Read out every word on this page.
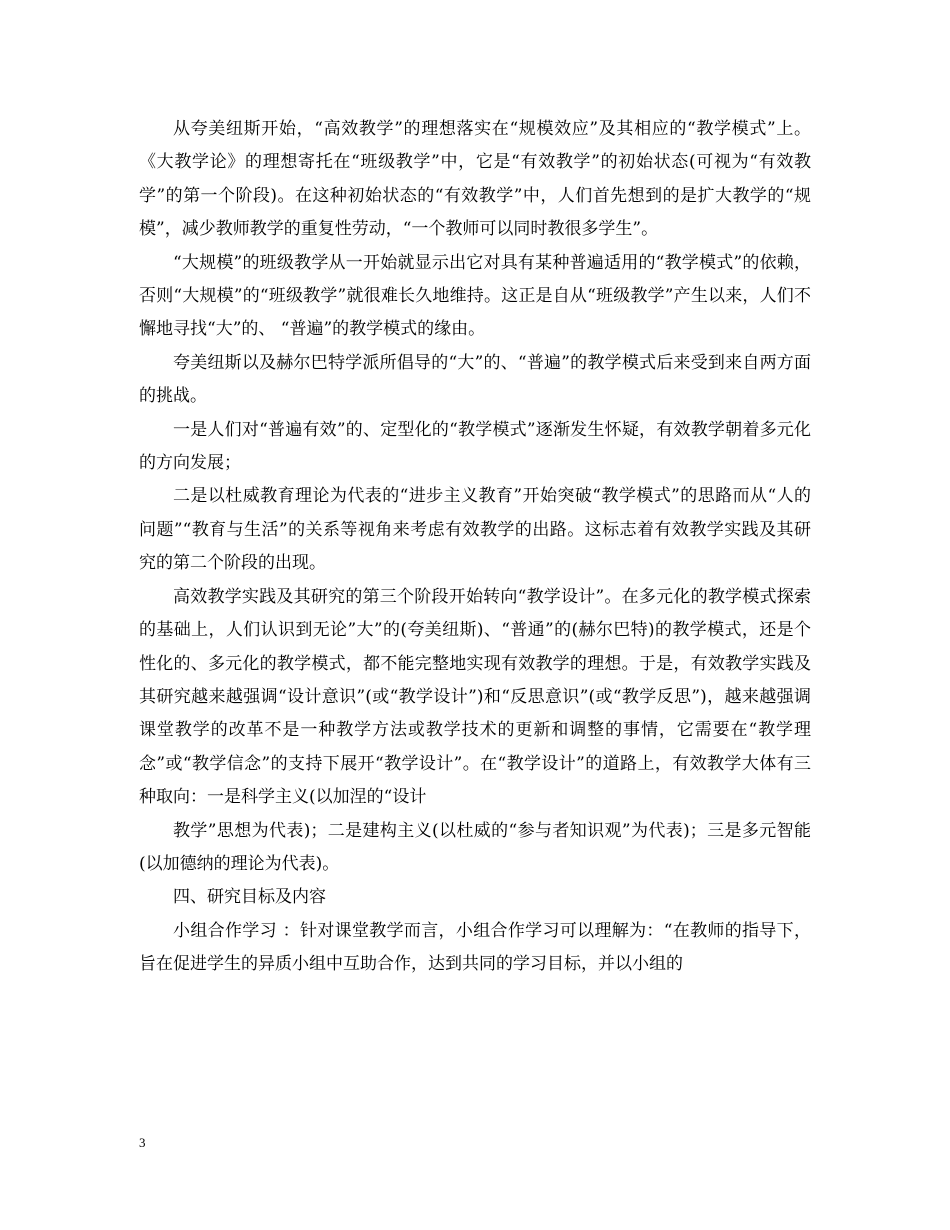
从夸美纽斯开始，“高效教学”的理想落实在“规模效应”及其相应的“教学模式”上。《大教学论》的理想寄托在“班级教学”中，它是“有效教学”的初始状态(可视为“有效教学”的第一个阶段)。在这种初始状态的“有效教学”中，人们首先想到的是扩大教学的“规模”，减少教师教学的重复性劳动，“一个教师可以同时教很多学生”。

“大规模”的班级教学从一开始就显示出它对具有某种普遍适用的“教学模式”的依赖，否则“大规模”的“班级教学”就很难长久地维持。这正是自从“班级教学”产生以来，人们不懈地寻找“大”的、 “普遍”的教学模式的缘由。

夸美纽斯以及赫尔巴特学派所倡导的“大”的、“普遍”的教学模式后来受到来自两方面的挑战。

一是人们对“普遍有效”的、定型化的“教学模式”逐渐发生怀疑，有效教学朝着多元化的方向发展；

二是以杜威教育理论为代表的“进步主义教育”开始突破“教学模式”的思路而从“人的问题”“教育与生活”的关系等视角来考虑有效教学的出路。这标志着有效教学实践及其研究的第二个阶段的出现。

高效教学实践及其研究的第三个阶段开始转向“教学设计”。在多元化的教学模式探索的基础上，人们认识到无论”大”的(夸美纽斯)、“普通”的(赫尔巴特)的教学模式，还是个性化的、多元化的教学模式，都不能完整地实现有效教学的理想。于是，有效教学实践及其研究越来越强调“设计意识”(或“教学设计”)和“反思意识”(或“教学反思”)，越来越强调课堂教学的改革不是一种教学方法或教学技术的更新和调整的事情，它需要在“教学理念”或“教学信念”的支持下展开“教学设计”。在“教学设计”的道路上，有效教学大体有三种取向：一是科学主义(以加涅的“设计

教学”思想为代表)；二是建构主义(以杜威的“参与者知识观”为代表)；三是多元智能(以加德纳的理论为代表)。

四、研究目标及内容

小组合作学习 ：针对课堂教学而言，小组合作学习可以理解为：“在教师的指导下，旨在促进学生的异质小组中互助合作，达到共同的学习目标，并以小组的

3
